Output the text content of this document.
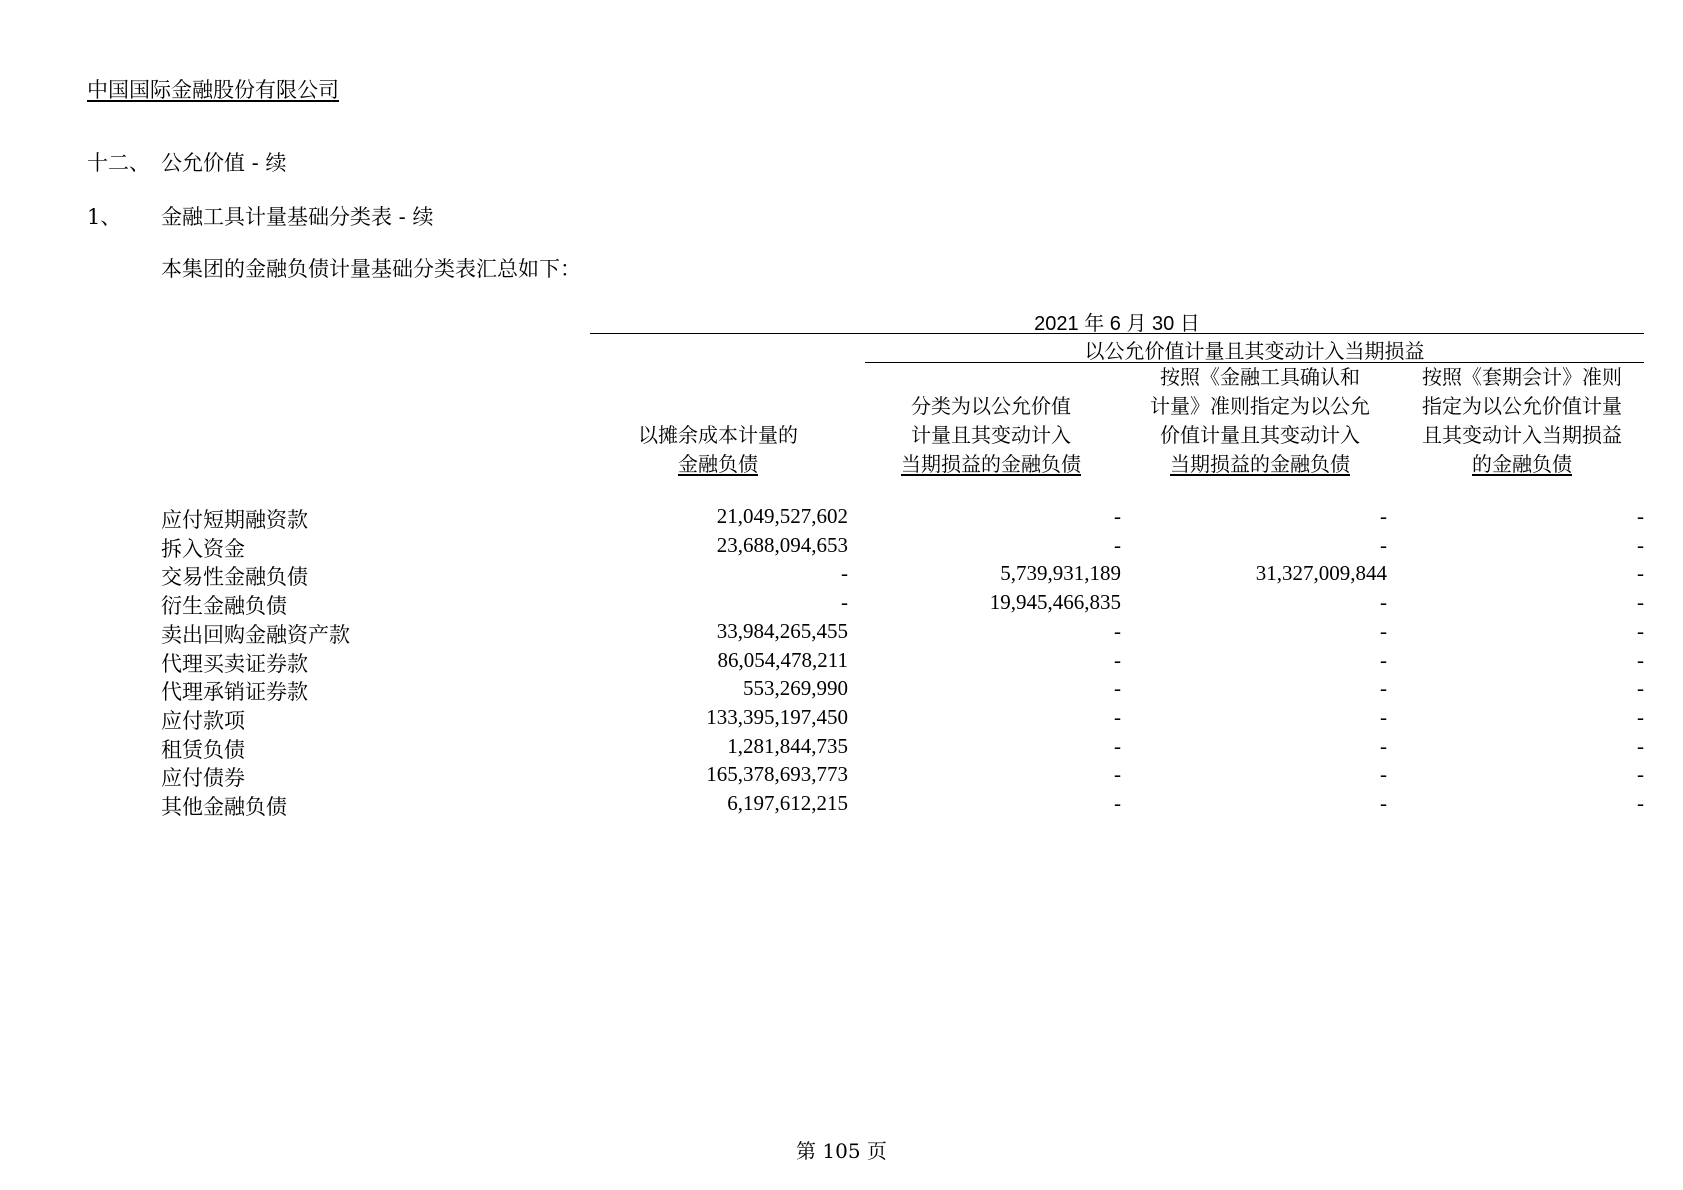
中国国际金融股份有限公司
十二、 公允价值 - 续
1、 金融工具计量基础分类表 - 续
本集团的金融负债计量基础分类表汇总如下：
2021 年 6 月 30 日
以公允价值计量且其变动计入当期损益
以摊余成本计量的
金融负债
分类为以公允价值
计量且其变动计入
当期损益的金融负债
按照《金融工具确认和
计量》准则指定为以公允
价值计量且其变动计入
当期损益的金融负债
按照《套期会计》准则
指定为以公允价值计量
且其变动计入当期损益
的金融负债
应付短期融资款	21,049,527,602	-	-	-
拆入资金	23,688,094,653	-	-	-
交易性金融负债	-	5,739,931,189	31,327,009,844	-
衍生金融负债	-	19,945,466,835	-	-
卖出回购金融资产款	33,984,265,455	-	-	-
代理买卖证券款	86,054,478,211	-	-	-
代理承销证券款	553,269,990	-	-	-
应付款项	133,395,197,450	-	-	-
租赁负债	1,281,844,735	-	-	-
应付债券	165,378,693,773	-	-	-
其他金融负债	6,197,612,215	-	-	-
第 105 页
